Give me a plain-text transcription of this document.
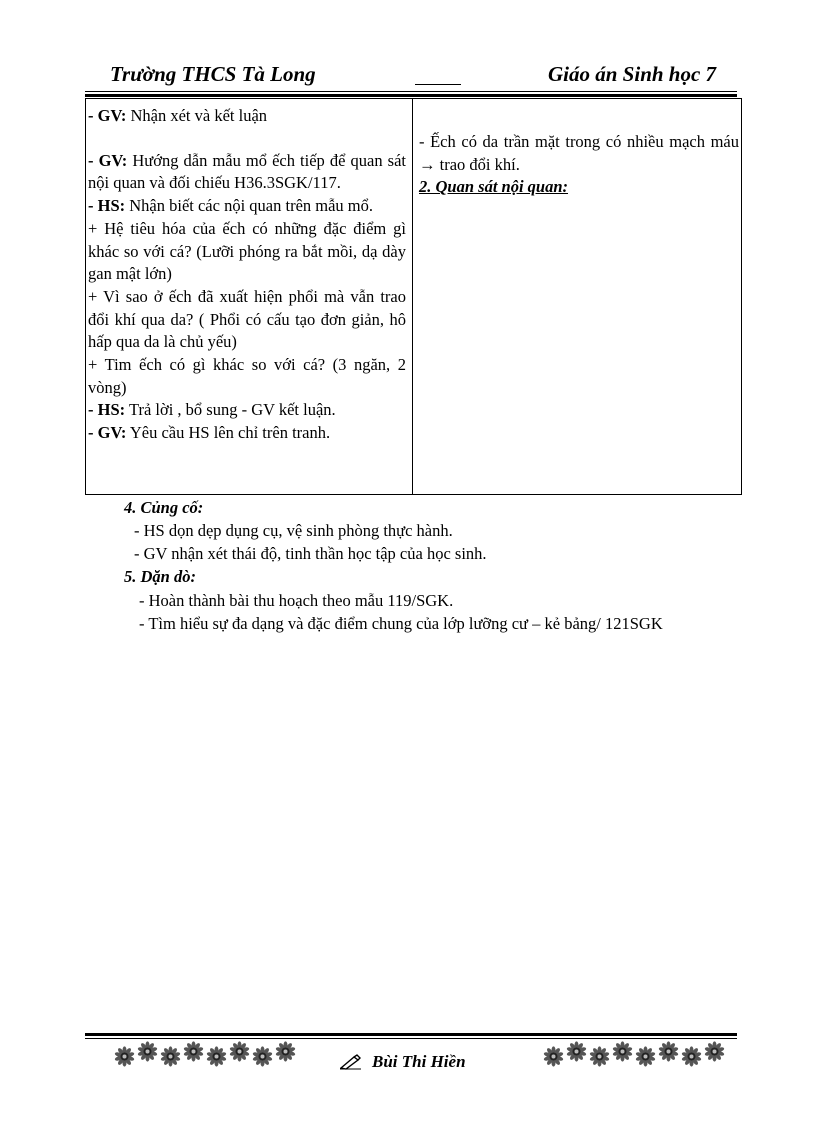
Trường THCS Tà Long	Giáo án Sinh học 7
- GV: Nhận xét và kết luận
- GV: Hướng dẫn mẫu mổ ếch tiếp để quan sát nội quan và đối chiếu H36.3SGK/117.
- HS: Nhận biết các nội quan trên mẫu mổ.
+ Hệ tiêu hóa của ếch có những đặc điểm gì khác so với cá? (Lưỡi phóng ra bắt mồi, dạ dày gan mật lớn)
+ Vì sao ở ếch đã xuất hiện phổi mà vẫn trao đổi khí qua da? ( Phổi có cấu tạo đơn giản, hô hấp qua da là chủ yếu)
+ Tim ếch có gì khác so với cá? (3 ngăn, 2 vòng)
- HS: Trả lời , bổ sung - GV kết luận.
- GV: Yêu cầu HS lên chỉ trên tranh.
- Ếch có da trần mặt trong có nhiều mạch máu → trao đổi khí.
2. Quan sát nội quan:
4. Củng cố:
- HS dọn dẹp dụng cụ, vệ sinh phòng thực hành.
- GV nhận xét thái độ, tinh thần học tập của học sinh.
5. Dặn dò:
- Hoàn thành bài thu hoạch theo mẫu 119/SGK.
- Tìm hiểu sự đa dạng và đặc điểm chung của lớp lưỡng cư – kẻ bảng/ 121SGK
Bùi Thi Hiền
